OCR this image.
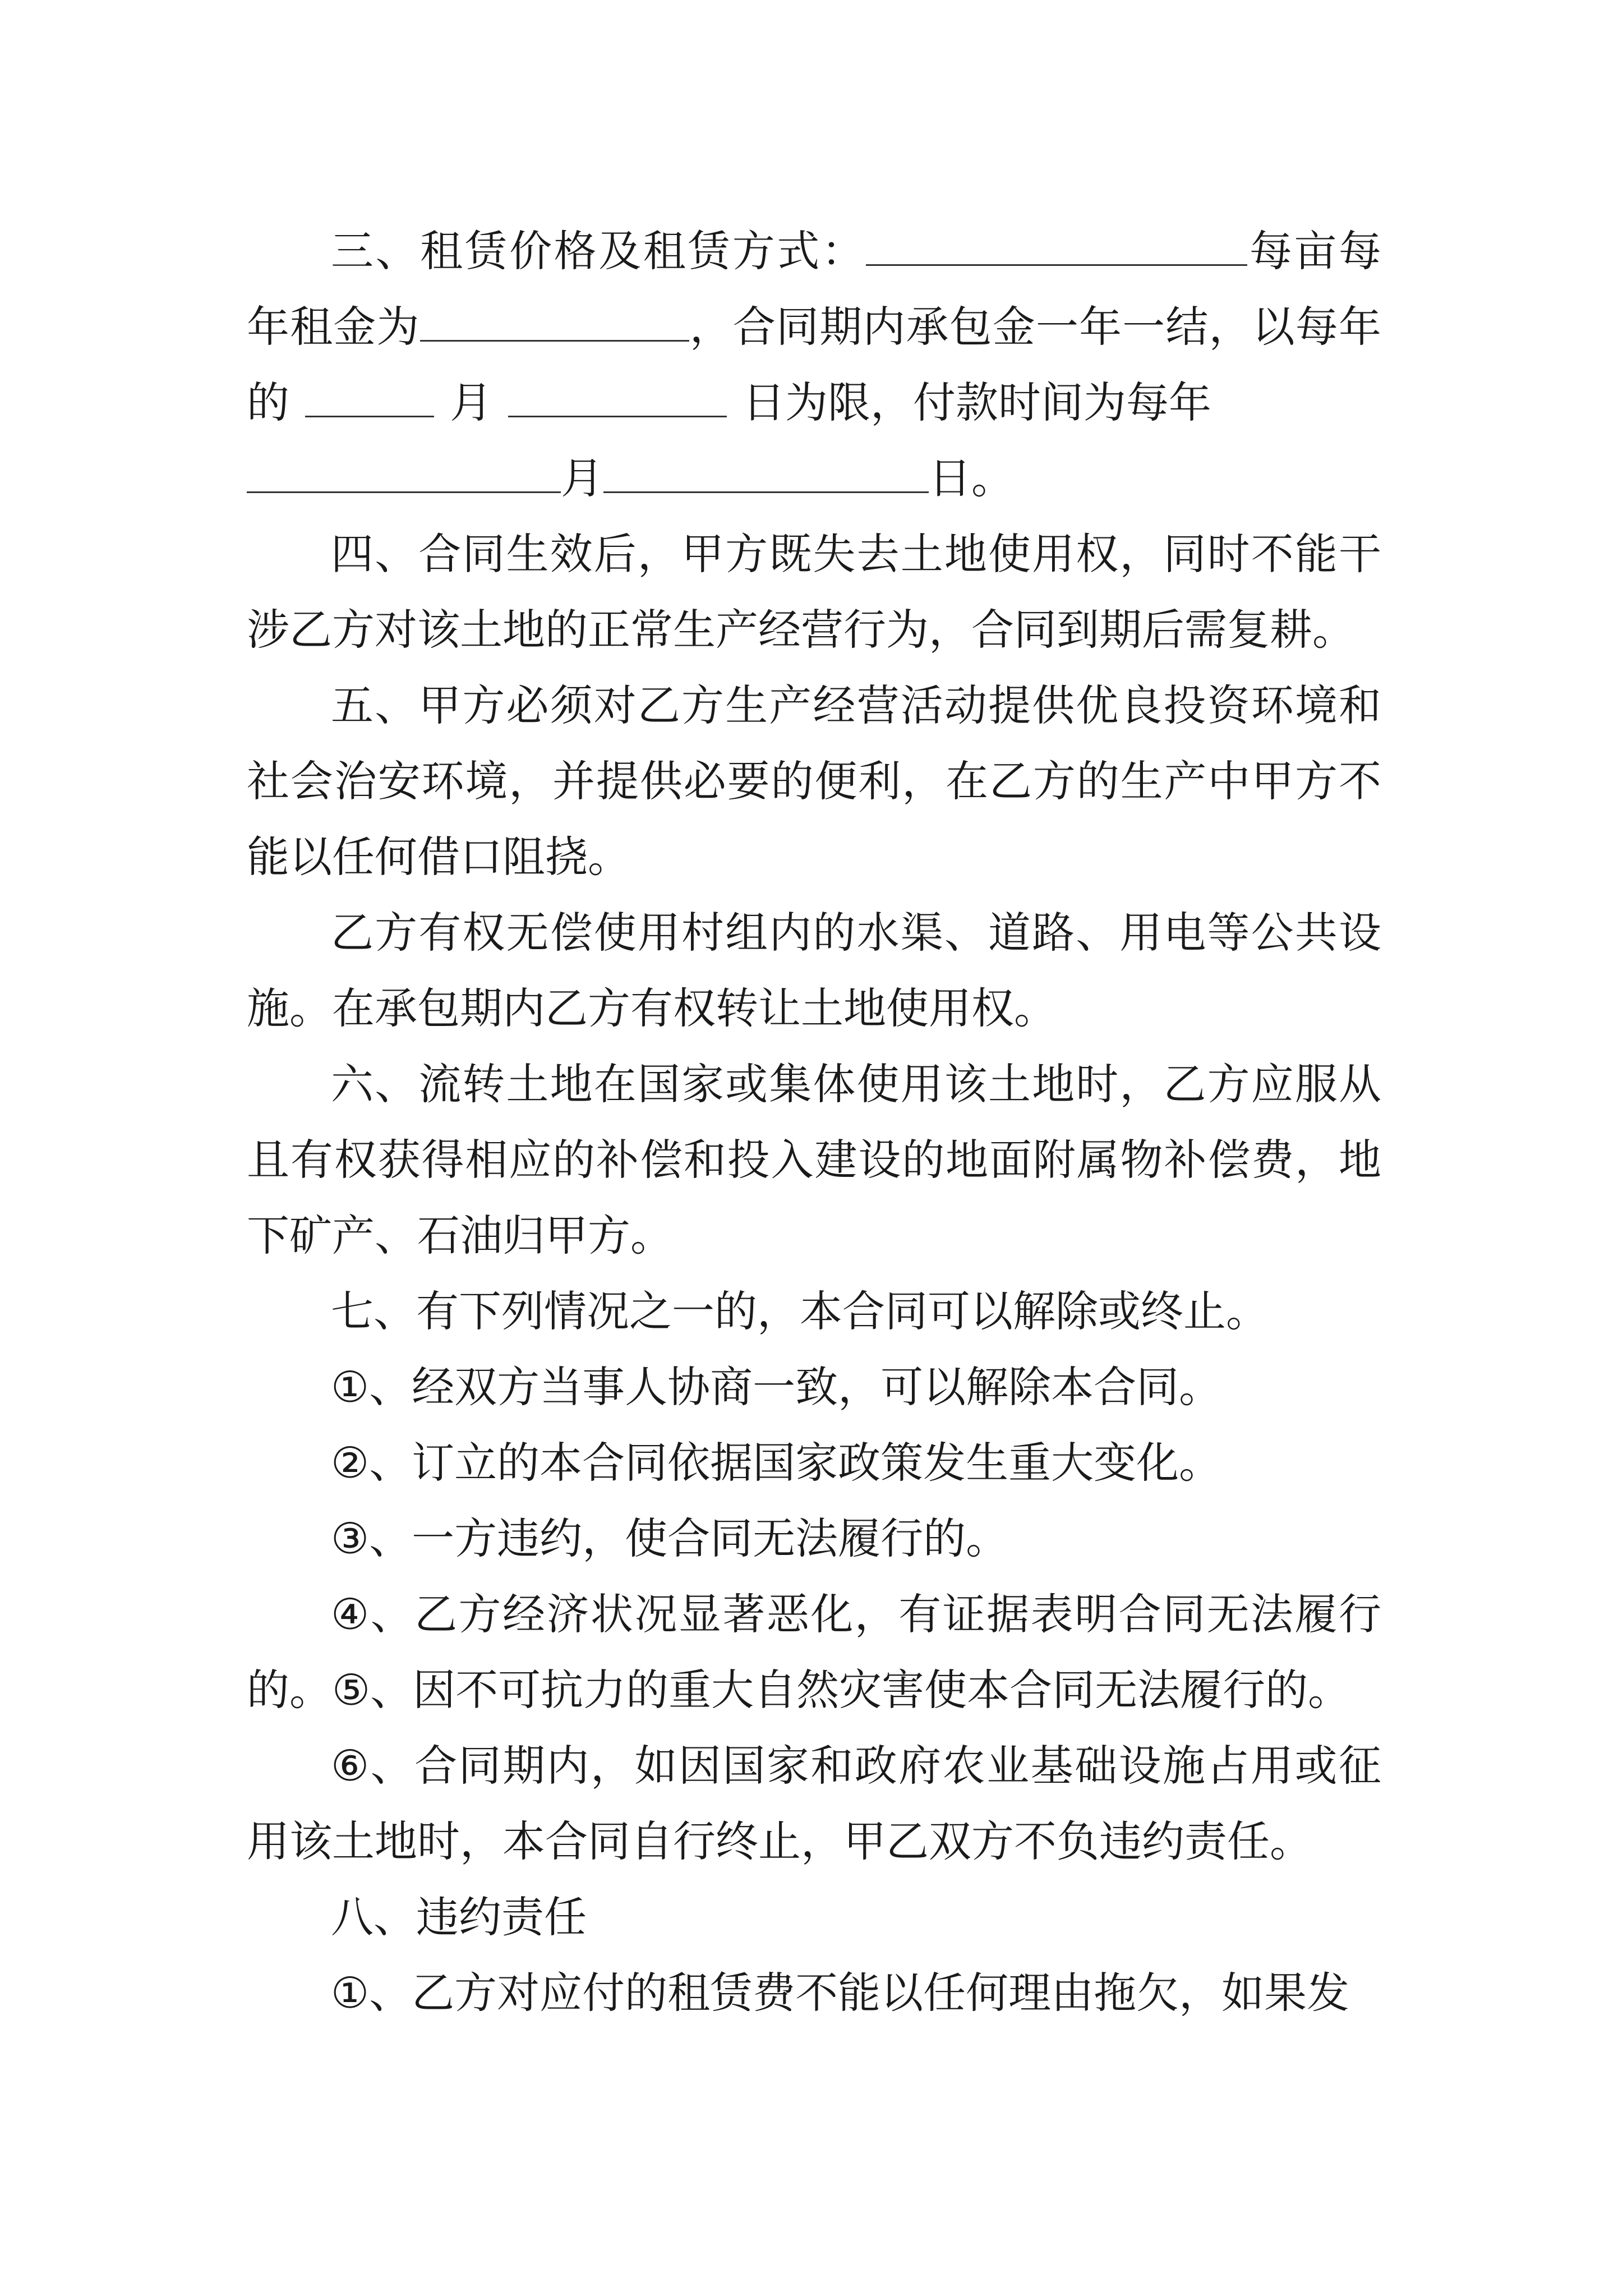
三、租赁价格及租赁方式：	每亩每年租金为	，合同期内承包金一年一结，以每年的	月	日为限，付款时间为每年
月	日。

四、合同生效后，甲方既失去土地使用权，同时不能干涉乙方对该土地的正常生产经营行为，合同到期后需复耕。

五、甲方必须对乙方生产经营活动提供优良投资环境和社会治安环境，并提供必要的便利，在乙方的生产中甲方不能以任何借口阻挠。

乙方有权无偿使用村组内的水渠、道路、用电等公共设施。在承包期内乙方有权转让土地使用权。

六、流转土地在国家或集体使用该土地时，乙方应服从且有权获得相应的补偿和投入建设的地面附属物补偿费，地下矿产、石油归甲方。

七、有下列情况之一的，本合同可以解除或终止。

①、经双方当事人协商一致，可以解除本合同。

②、订立的本合同依据国家政策发生重大变化。

③、一方违约，使合同无法履行的。

④、乙方经济状况显著恶化，有证据表明合同无法履行的。⑤、因不可抗力的重大自然灾害使本合同无法履行的。

⑥、合同期内，如因国家和政府农业基础设施占用或征用该土地时，本合同自行终止，甲乙双方不负违约责任。

八、违约责任

①、乙方对应付的租赁费不能以任何理由拖欠，如果发
